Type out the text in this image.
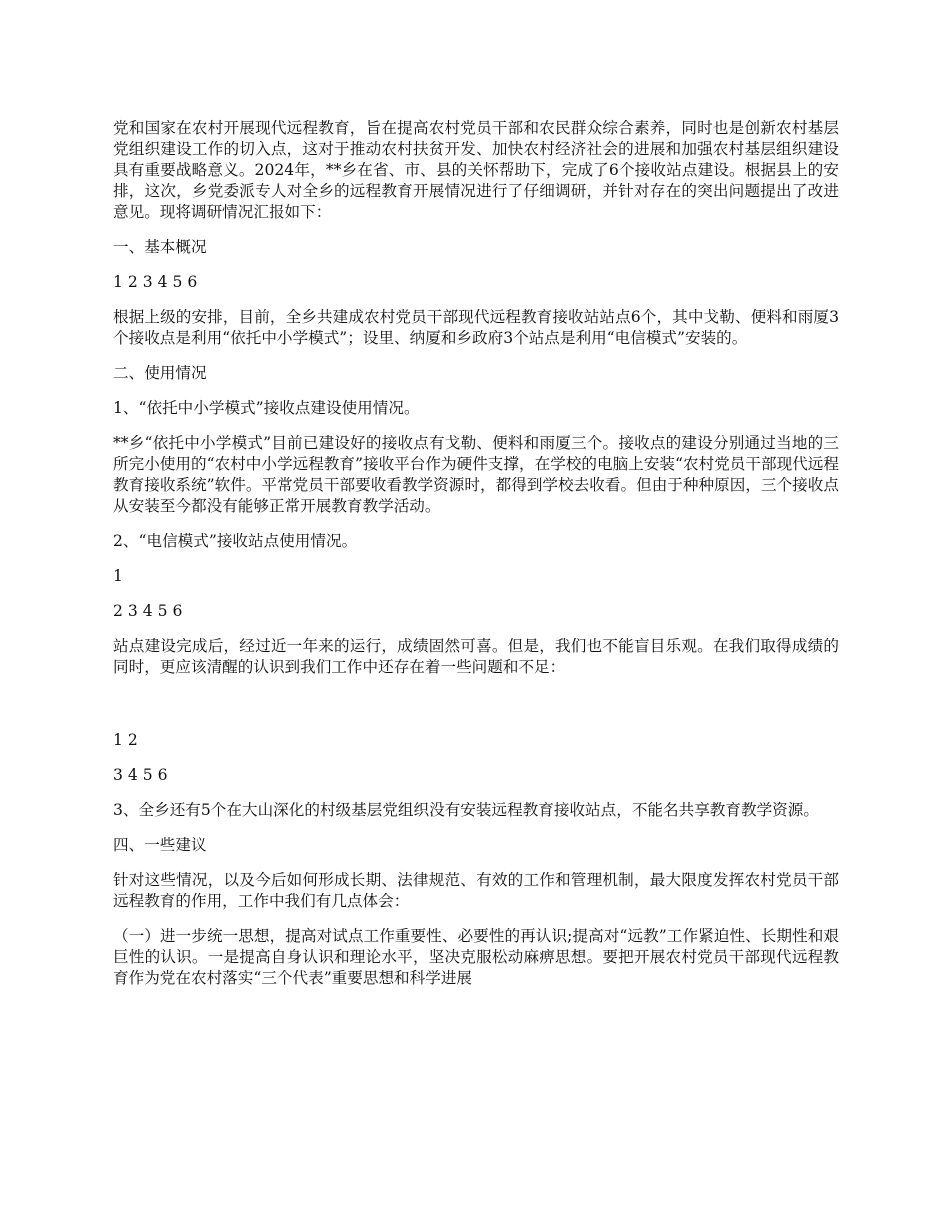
党和国家在农村开展现代远程教育，旨在提高农村党员干部和农民群众综合素养，同时也是创新农村基层党组织建设工作的切入点，这对于推动农村扶贫开发、加快农村经济社会的进展和加强农村基层组织建设具有重要战略意义。2024年，**乡在省、市、县的关怀帮助下，完成了6个接收站点建设。根据县上的安排，这次，乡党委派专人对全乡的远程教育开展情况进行了仔细调研，并针对存在的突出问题提出了改进意见。现将调研情况汇报如下：

一、基本概况

1 2 3 4 5 6

根据上级的安排，目前，全乡共建成农村党员干部现代远程教育接收站站点6个，其中戈勒、便料和雨厦3个接收点是利用“依托中小学模式”；设里、纳厦和乡政府3个站点是利用“电信模式”安装的。

二、使用情况

1、“依托中小学模式”接收点建设使用情况。

**乡“依托中小学模式”目前已建设好的接收点有戈勒、便料和雨厦三个。接收点的建设分别通过当地的三所完小使用的“农村中小学远程教育”接收平台作为硬件支撑，在学校的电脑上安装“农村党员干部现代远程教育接收系统”软件。平常党员干部要收看教学资源时，都得到学校去收看。但由于种种原因，三个接收点从安装至今都没有能够正常开展教育教学活动。

2、“电信模式”接收站点使用情况。

1

2 3 4 5 6

站点建设完成后，经过近一年来的运行，成绩固然可喜。但是，我们也不能盲目乐观。在我们取得成绩的同时，更应该清醒的认识到我们工作中还存在着一些问题和不足：

1 2

3 4 5 6

3、全乡还有5个在大山深化的村级基层党组织没有安装远程教育接收站点，不能名共享教育教学资源。

四、一些建议

针对这些情况，以及今后如何形成长期、法律规范、有效的工作和管理机制，最大限度发挥农村党员干部远程教育的作用，工作中我们有几点体会：

（一）进一步统一思想，提高对试点工作重要性、必要性的再认识;提高对“远教”工作紧迫性、长期性和艰巨性的认识。一是提高自身认识和理论水平，坚决克服松动麻痹思想。要把开展农村党员干部现代远程教育作为党在农村落实“三个代表”重要思想和科学进展
